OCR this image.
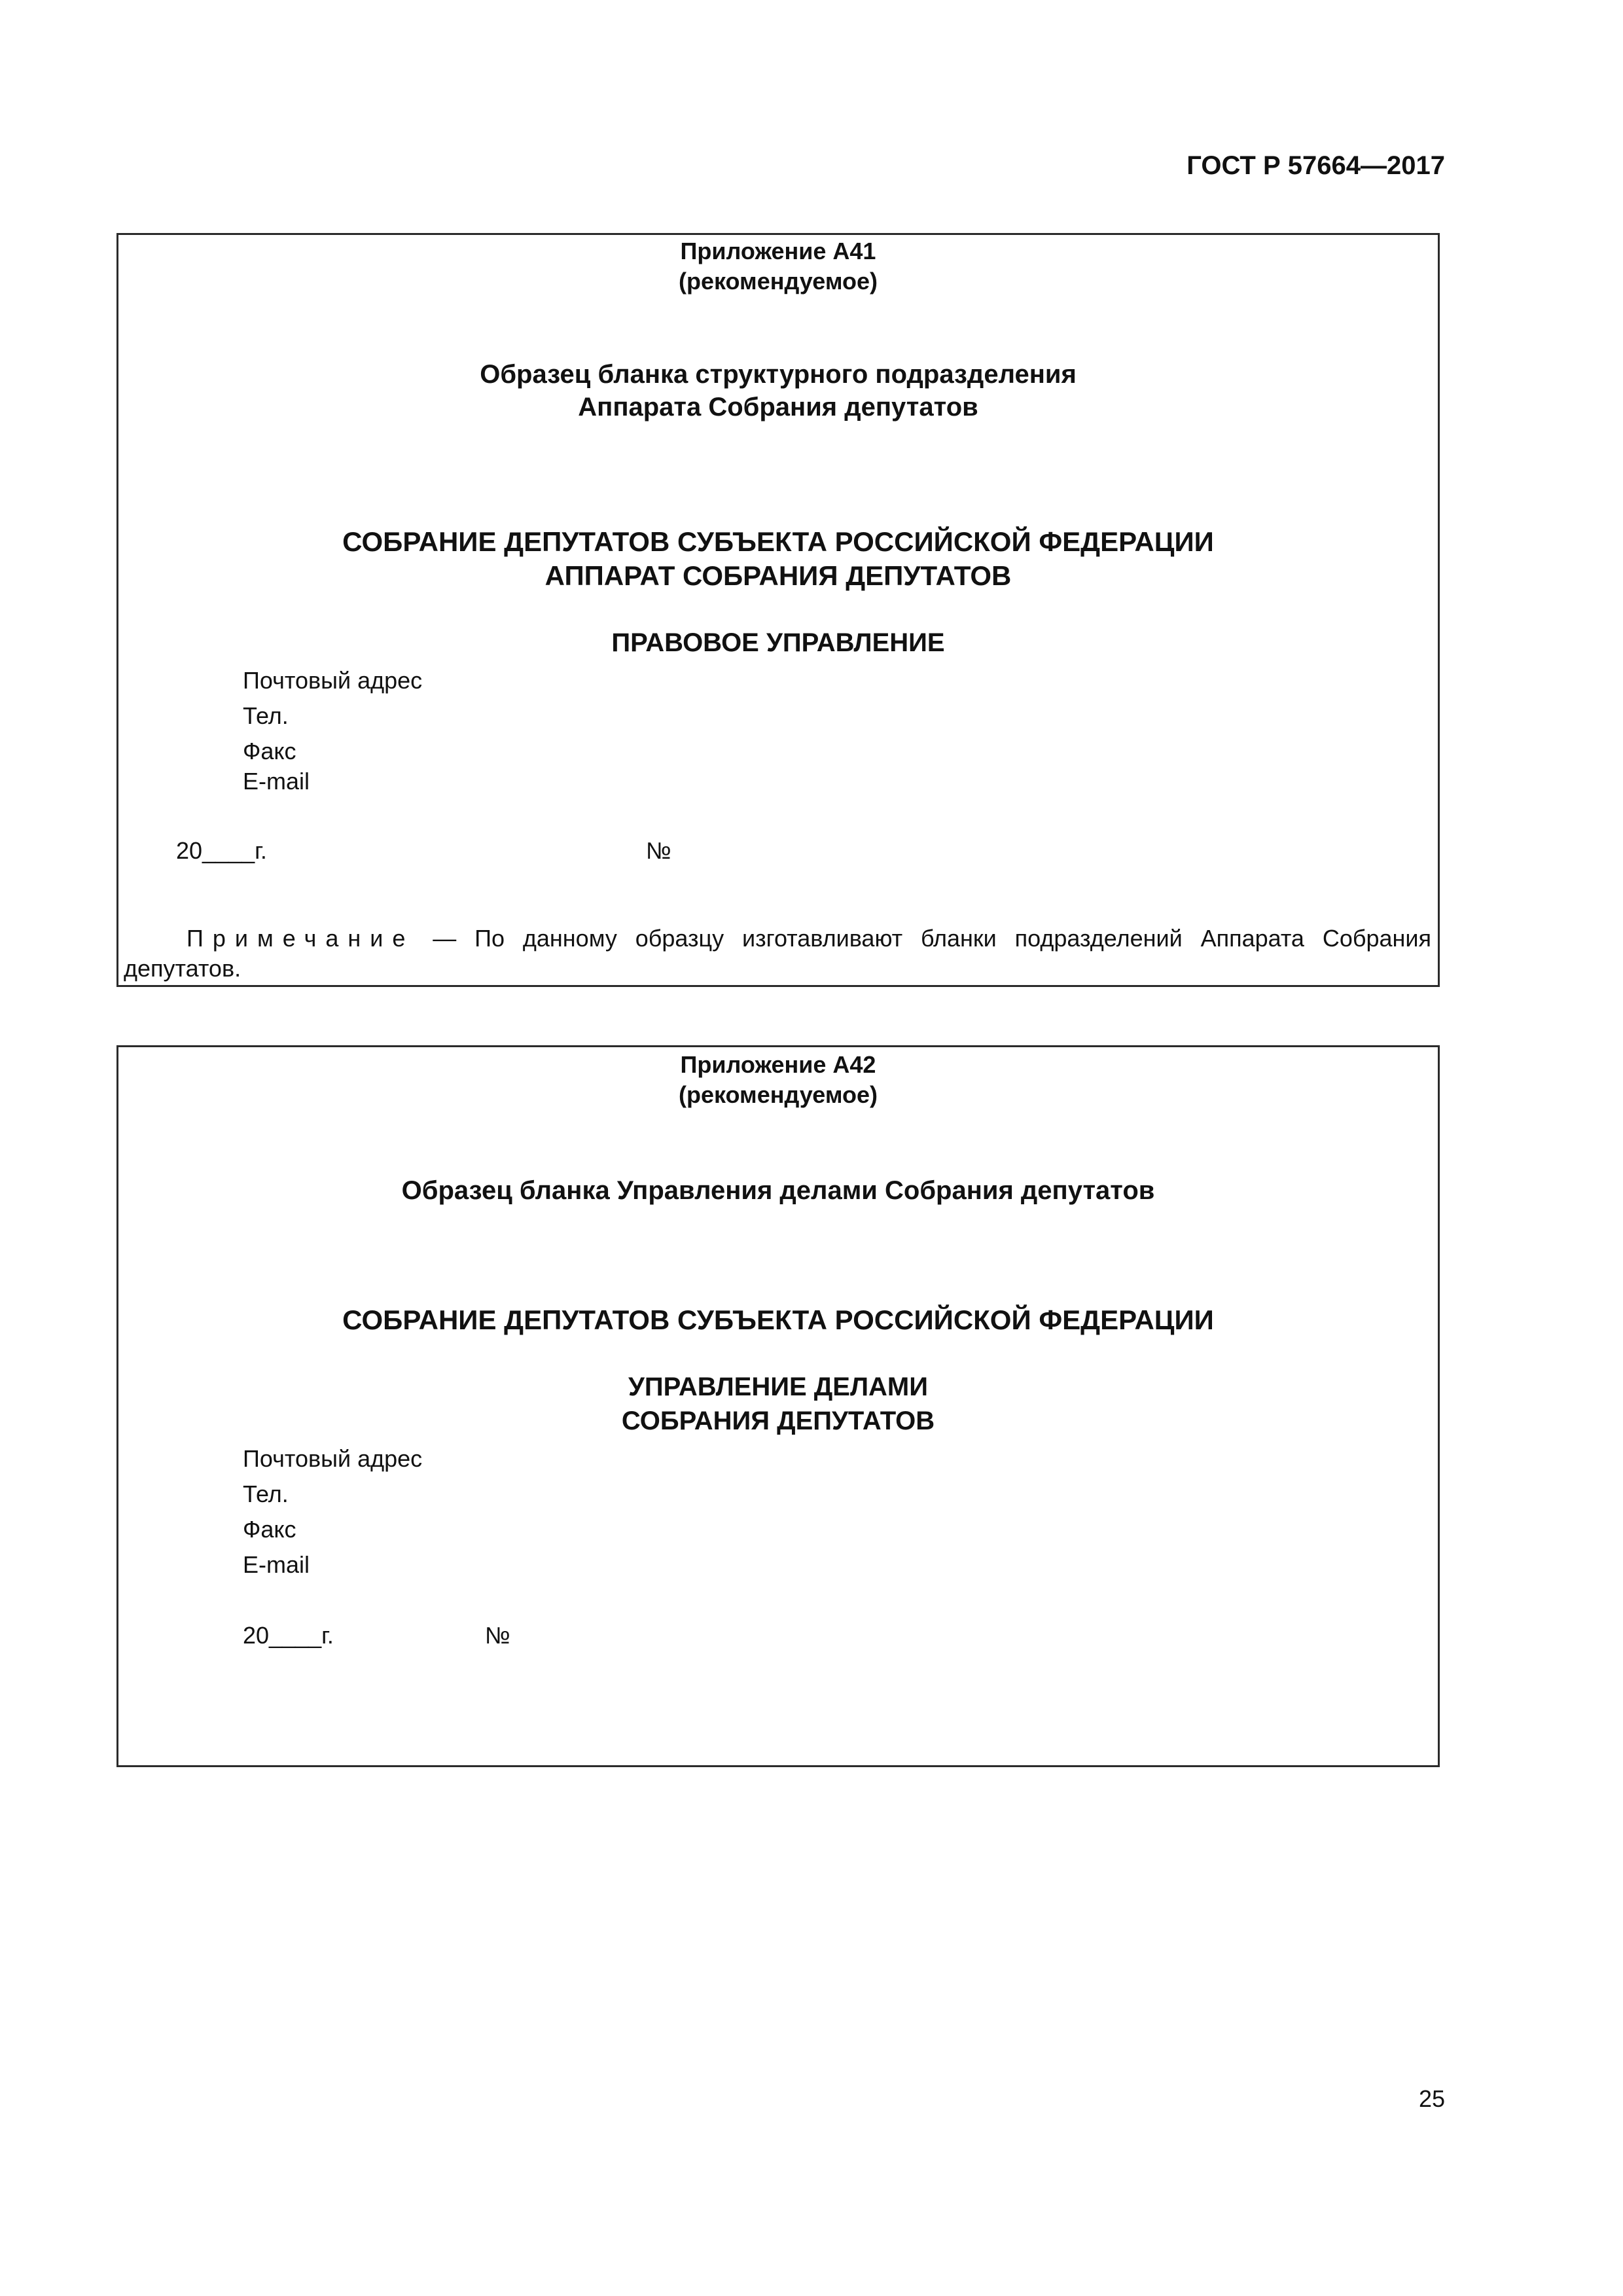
ГОСТ Р 57664—2017
Приложение А41
(рекомендуемое)
Образец бланка структурного подразделения
Аппарата Собрания депутатов
СОБРАНИЕ ДЕПУТАТОВ СУБЪЕКТА РОССИЙСКОЙ ФЕДЕРАЦИИ
АППАРАТ СОБРАНИЯ ДЕПУТАТОВ
ПРАВОВОЕ УПРАВЛЕНИЕ
Почтовый адрес
Тел.
Факс
E-mail
20____г.	№
Примечание — По данному образцу изготавливают бланки подразделений Аппарата Собрания депутатов.
Приложение А42
(рекомендуемое)
Образец бланка Управления делами Собрания депутатов
СОБРАНИЕ ДЕПУТАТОВ СУБЪЕКТА РОССИЙСКОЙ ФЕДЕРАЦИИ
УПРАВЛЕНИЕ ДЕЛАМИ
СОБРАНИЯ ДЕПУТАТОВ
Почтовый адрес
Тел.
Факс
E-mail
20____г.	№
25
